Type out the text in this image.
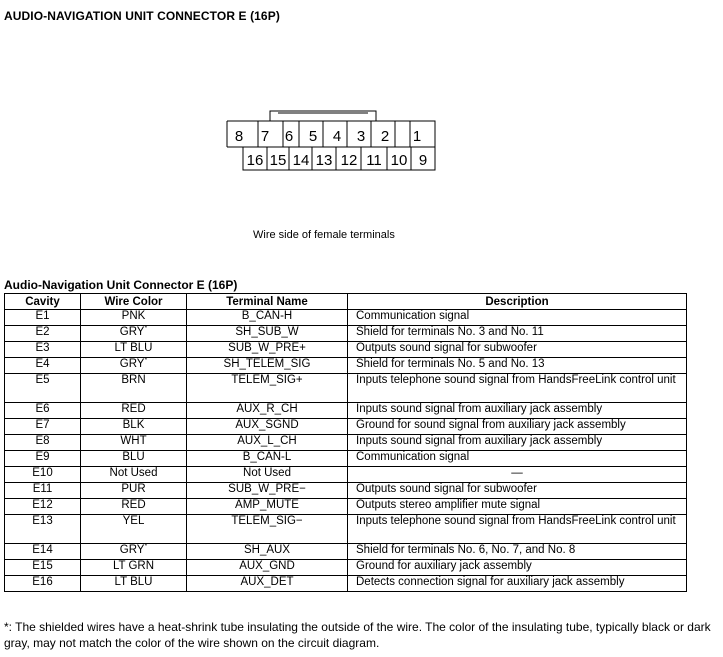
AUDIO-NAVIGATION UNIT CONNECTOR E (16P)
8 7 6 5 4 3 2 1
16 15 14 13 12 11 10 9
Wire side of female terminals
Audio-Navigation Unit Connector E (16P)
Cavity	Wire Color	Terminal Name	Description
E1	PNK	B_CAN-H	Communication signal
E2	GRY*	SH_SUB_W	Shield for terminals No. 3 and No. 11
E3	LT BLU	SUB_W_PRE+	Outputs sound signal for subwoofer
E4	GRY*	SH_TELEM_SIG	Shield for terminals No. 5 and No. 13
E5	BRN	TELEM_SIG+	Inputs telephone sound signal from HandsFreeLink control unit
E6	RED	AUX_R_CH	Inputs sound signal from auxiliary jack assembly
E7	BLK	AUX_SGND	Ground for sound signal from auxiliary jack assembly
E8	WHT	AUX_L_CH	Inputs sound signal from auxiliary jack assembly
E9	BLU	B_CAN-L	Communication signal
E10	Not Used	Not Used	—
E11	PUR	SUB_W_PRE−	Outputs sound signal for subwoofer
E12	RED	AMP_MUTE	Outputs stereo amplifier mute signal
E13	YEL	TELEM_SIG−	Inputs telephone sound signal from HandsFreeLink control unit
E14	GRY*	SH_AUX	Shield for terminals No. 6, No. 7, and No. 8
E15	LT GRN	AUX_GND	Ground for auxiliary jack assembly
E16	LT BLU	AUX_DET	Detects connection signal for auxiliary jack assembly
*: The shielded wires have a heat-shrink tube insulating the outside of the wire. The color of the insulating tube, typically black or dark gray, may not match the color of the wire shown on the circuit diagram.
